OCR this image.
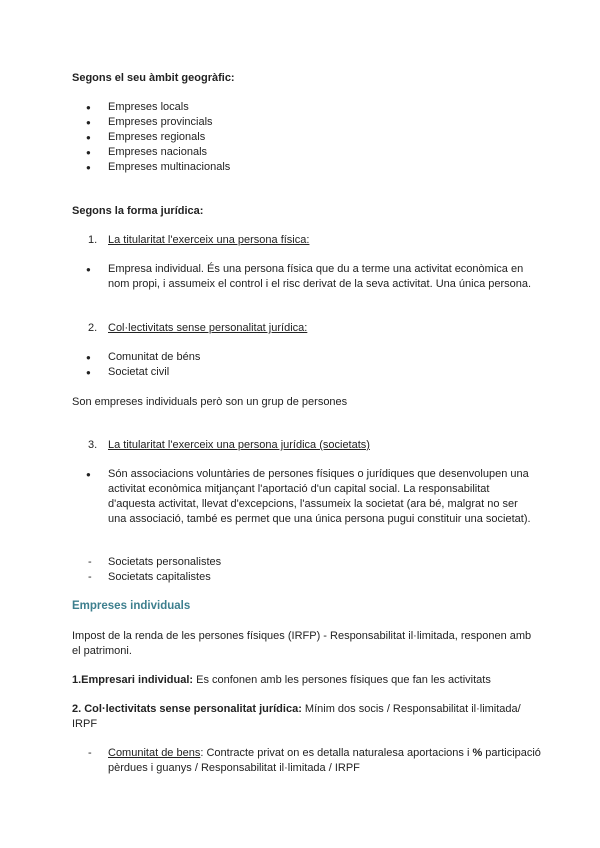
Segons el seu àmbit geogràfic:

● Empreses locals
● Empreses provincials
● Empreses regionals
● Empreses nacionals
● Empreses multinacionals

Segons la forma jurídica:

1. La titularitat l'exerceix una persona física:
● Empresa individual. És una persona física que du a terme una activitat econòmica en nom propi, i assumeix el control i el risc derivat de la seva activitat. Una única persona.
2. Col·lectivitats sense personalitat jurídica:
● Comunitat de béns
● Societat civil

Son empreses individuals però son un grup de persones

3. La titularitat l'exerceix una persona jurídica (societats)
● Són associacions voluntàries de persones físiques o jurídiques que desenvolupen una activitat econòmica mitjançant l'aportació d'un capital social. La responsabilitat d'aquesta activitat, llevat d'excepcions, l'assumeix la societat (ara bé, malgrat no ser una associació, també es permet que una única persona pugui constituir una societat).
- Societats personalistes
- Societats capitalistes

Empreses individuals

Impost de la renda de les persones físiques (IRFP) - Responsabilitat il·limitada, responen amb el patrimoni.

1.Empresari individual: Es confonen amb les persones físiques que fan les activitats

2. Col·lectivitats sense personalitat jurídica: Mínim dos socis / Responsabilitat il·limitada/ IRPF

- Comunitat de bens: Contracte privat on es detalla naturalesa aportacions i % participació pèrdues i guanys / Responsabilitat il·limitada / IRPF
